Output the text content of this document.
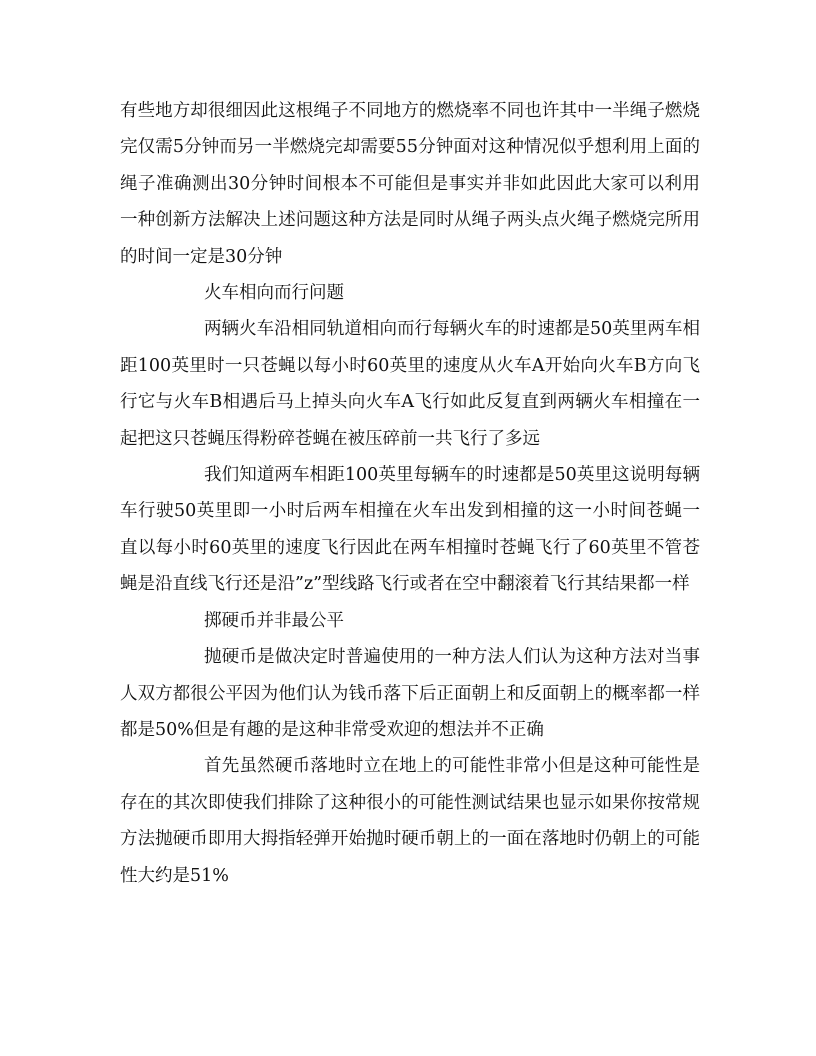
有些地方却很细因此这根绳子不同地方的燃烧率不同也许其中一半绳子燃烧完仅需5分钟而另一半燃烧完却需要55分钟面对这种情况似乎想利用上面的绳子准确测出30分钟时间根本不可能但是事实并非如此因此大家可以利用一种创新方法解决上述问题这种方法是同时从绳子两头点火绳子燃烧完所用的时间一定是30分钟

火车相向而行问题

两辆火车沿相同轨道相向而行每辆火车的时速都是50英里两车相距100英里时一只苍蝇以每小时60英里的速度从火车A开始向火车B方向飞行它与火车B相遇后马上掉头向火车A飞行如此反复直到两辆火车相撞在一起把这只苍蝇压得粉碎苍蝇在被压碎前一共飞行了多远

我们知道两车相距100英里每辆车的时速都是50英里这说明每辆车行驶50英里即一小时后两车相撞在火车出发到相撞的这一小时间苍蝇一直以每小时60英里的速度飞行因此在两车相撞时苍蝇飞行了60英里不管苍蝇是沿直线飞行还是沿”z”型线路飞行或者在空中翻滚着飞行其结果都一样

掷硬币并非最公平

抛硬币是做决定时普遍使用的一种方法人们认为这种方法对当事人双方都很公平因为他们认为钱币落下后正面朝上和反面朝上的概率都一样都是50%但是有趣的是这种非常受欢迎的想法并不正确

首先虽然硬币落地时立在地上的可能性非常小但是这种可能性是存在的其次即使我们排除了这种很小的可能性测试结果也显示如果你按常规方法抛硬币即用大拇指轻弹开始抛时硬币朝上的一面在落地时仍朝上的可能性大约是51%
